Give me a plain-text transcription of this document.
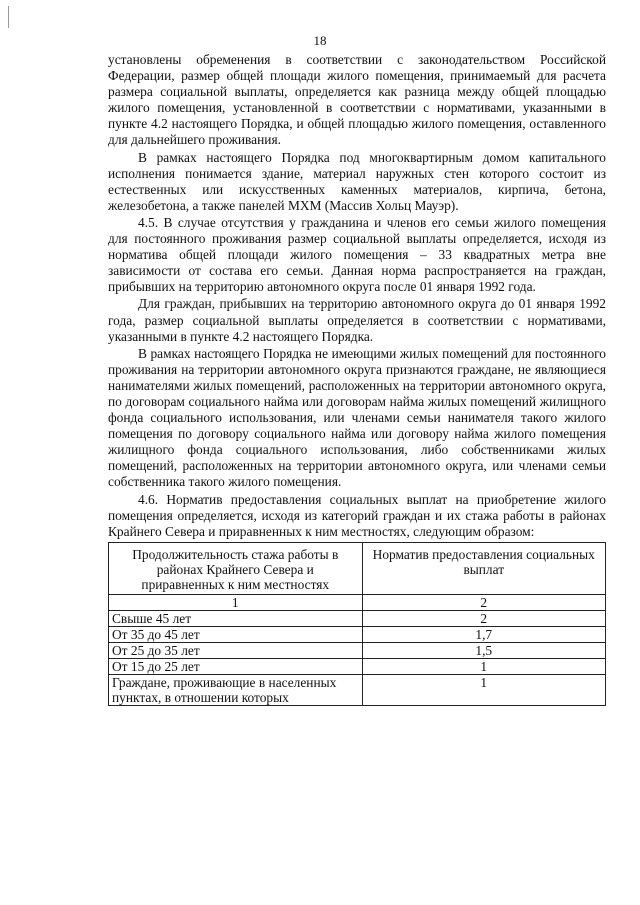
18

установлены обременения в соответствии с законодательством Российской Федерации, размер общей площади жилого помещения, принимаемый для расчета размера социальной выплаты, определяется как разница между общей площадью жилого помещения, установленной в соответствии с нормативами, указанными в пункте 4.2 настоящего Порядка, и общей площадью жилого помещения, оставленного для дальнейшего проживания.

В рамках настоящего Порядка под многоквартирным домом капитального исполнения понимается здание, материал наружных стен которого состоит из естественных или искусственных каменных материалов, кирпича, бетона, железобетона, а также панелей МХМ (Массив Хольц Мауэр).

4.5. В случае отсутствия у гражданина и членов его семьи жилого помещения для постоянного проживания размер социальной выплаты определяется, исходя из норматива общей площади жилого помещения – 33 квадратных метра вне зависимости от состава его семьи. Данная норма распространяется на граждан, прибывших на территорию автономного округа после 01 января 1992 года.

Для граждан, прибывших на территорию автономного округа до 01 января 1992 года, размер социальной выплаты определяется в соответствии с нормативами, указанными в пункте 4.2 настоящего Порядка.

В рамках настоящего Порядка не имеющими жилых помещений для постоянного проживания на территории автономного округа признаются граждане, не являющиеся нанимателями жилых помещений, расположенных на территории автономного округа, по договорам социального найма или договорам найма жилых помещений жилищного фонда социального использования, или членами семьи нанимателя такого жилого помещения по договору социального найма или договору найма жилого помещения жилищного фонда социального использования, либо собственниками жилых помещений, расположенных на территории автономного округа, или членами семьи собственника такого жилого помещения.

4.6. Норматив предоставления социальных выплат на приобретение жилого помещения определяется, исходя из категорий граждан и их стажа работы в районах Крайнего Севера и приравненных к ним местностях, следующим образом:

Продолжительность стажа работы в районах Крайнего Севера и приравненных к ним местностях	Норматив предоставления социальных выплат
1	2
Свыше 45 лет	2
От 35 до 45 лет	1,7
От 25 до 35 лет	1,5
От 15 до 25 лет	1
Граждане, проживающие в населенных пунктах, в отношении которых	1
